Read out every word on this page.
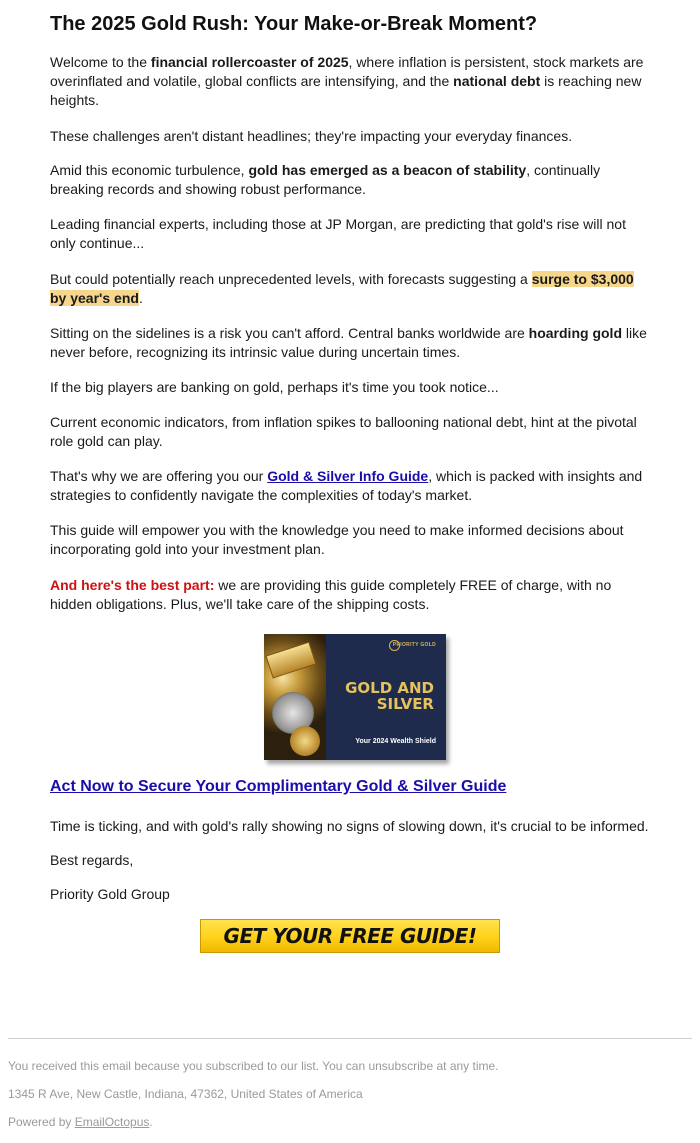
The 2025 Gold Rush: Your Make-or-Break Moment?

Welcome to the financial rollercoaster of 2025, where inflation is persistent, stock markets are overinflated and volatile, global conflicts are intensifying, and the national debt is reaching new heights.

These challenges aren't distant headlines; they're impacting your everyday finances.

Amid this economic turbulence, gold has emerged as a beacon of stability, continually breaking records and showing robust performance.

Leading financial experts, including those at JP Morgan, are predicting that gold's rise will not only continue...

But could potentially reach unprecedented levels, with forecasts suggesting a surge to $3,000 by year's end.

Sitting on the sidelines is a risk you can't afford. Central banks worldwide are hoarding gold like never before, recognizing its intrinsic value during uncertain times.

If the big players are banking on gold, perhaps it's time you took notice...

Current economic indicators, from inflation spikes to ballooning national debt, hint at the pivotal role gold can play.

That's why we are offering you our Gold & Silver Info Guide, which is packed with insights and strategies to confidently navigate the complexities of today's market.

This guide will empower you with the knowledge you need to make informed decisions about incorporating gold into your investment plan.

And here's the best part: we are providing this guide completely FREE of charge, with no hidden obligations. Plus, we'll take care of the shipping costs.

PRIORITY GOLD
GOLD AND SILVER
Your 2024 Wealth Shield
Act Now to Secure Your Complimentary Gold & Silver Guide

Time is ticking, and with gold's rally showing no signs of slowing down, it's crucial to be informed.

Best regards,

Priority Gold Group

GET YOUR FREE GUIDE!
You received this email because you subscribed to our list. You can unsubscribe at any time.
1345 R Ave, New Castle, Indiana, 47362, United States of America
Powered by EmailOctopus.
